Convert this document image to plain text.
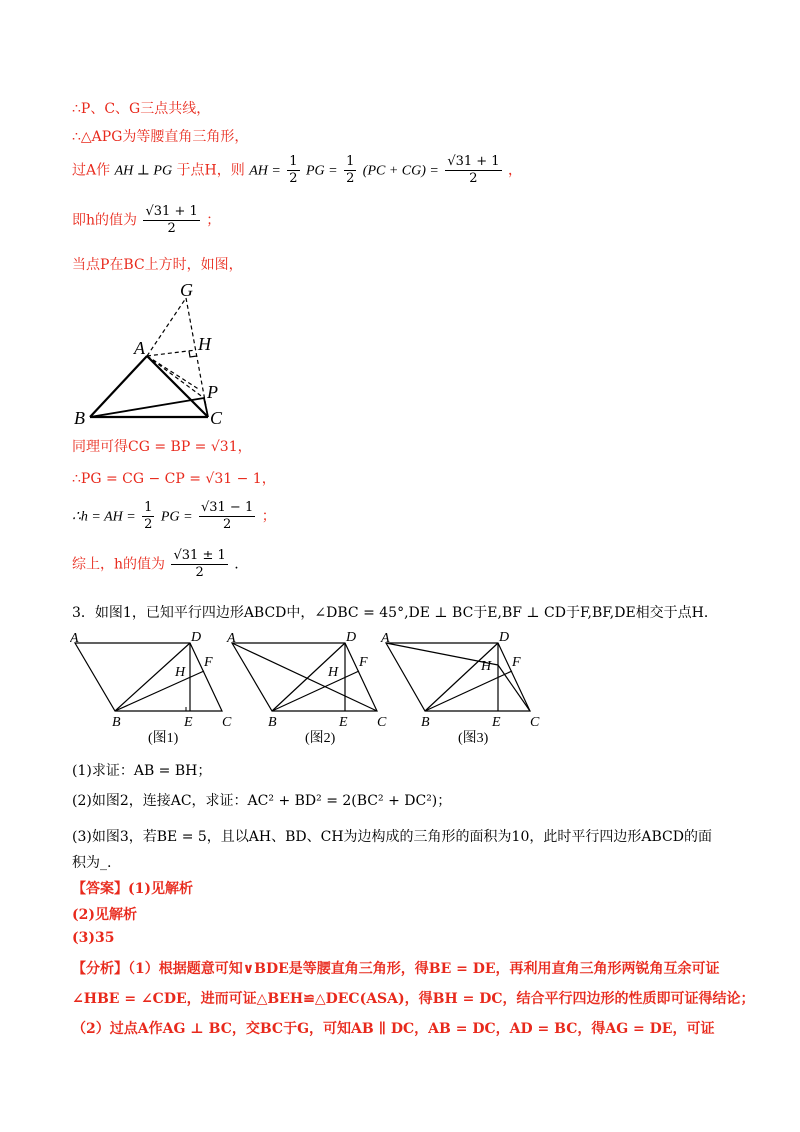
∴P、C、G三点共线，
∴△APG为等腰直角三角形，
过A作 AH ⊥ PG 于点H，则 AH = $\frac{1}{2}$ PG = $\frac{1}{2} (PC + CG) = \frac{√31 + 1}{2}$ ，
即h的值为 $\frac{√31 + 1}{2}$ ；
当点P在BC上方时，如图，
G
A	H
P
B	C
同理可得CG = BP = √31，
∴PG = CG − CP = √31 − 1，
∴h = AH = $\frac{1}{2}$ PG = $\frac{√31 - 1}{2}$ ；
综上，h的值为 $\frac{√31 \pm 1}{2}$ .
3．如图1，已知平行四边形ABCD中，∠DBC = 45°,DE ⊥ BC于E,BF ⊥ CD于F,BF,DE相交于点H．
A	D
H
F
B	E C
(图1)
A	D
H
F
B	E C
(图2)
A	D
H F
B	E C
(图3)
(1)求证：AB = BH；
(2)如图2，连接AC，求证：AC² + BD² = 2(BC² + DC²)；
(3)如图3，若BE = 5，且以AH、BD、CH为边构成的三角形的面积为10，此时平行四边形ABCD的面
积为_.
【答案】(1)见解析
(2)见解析
(3)35
【分析】（1）根据题意可知∨BDE是等腰直角三角形，得BE = DE，再利用直角三角形两锐角互余可证
∠HBE = ∠CDE，进而可证△BEH≌△DEC(ASA)，得BH = DC，结合平行四边形的性质即可证得结论；
（2）过点A作AG ⊥ BC，交BC于G，可知AB ∥ DC，AB = DC，AD = BC，得AG = DE，可证
